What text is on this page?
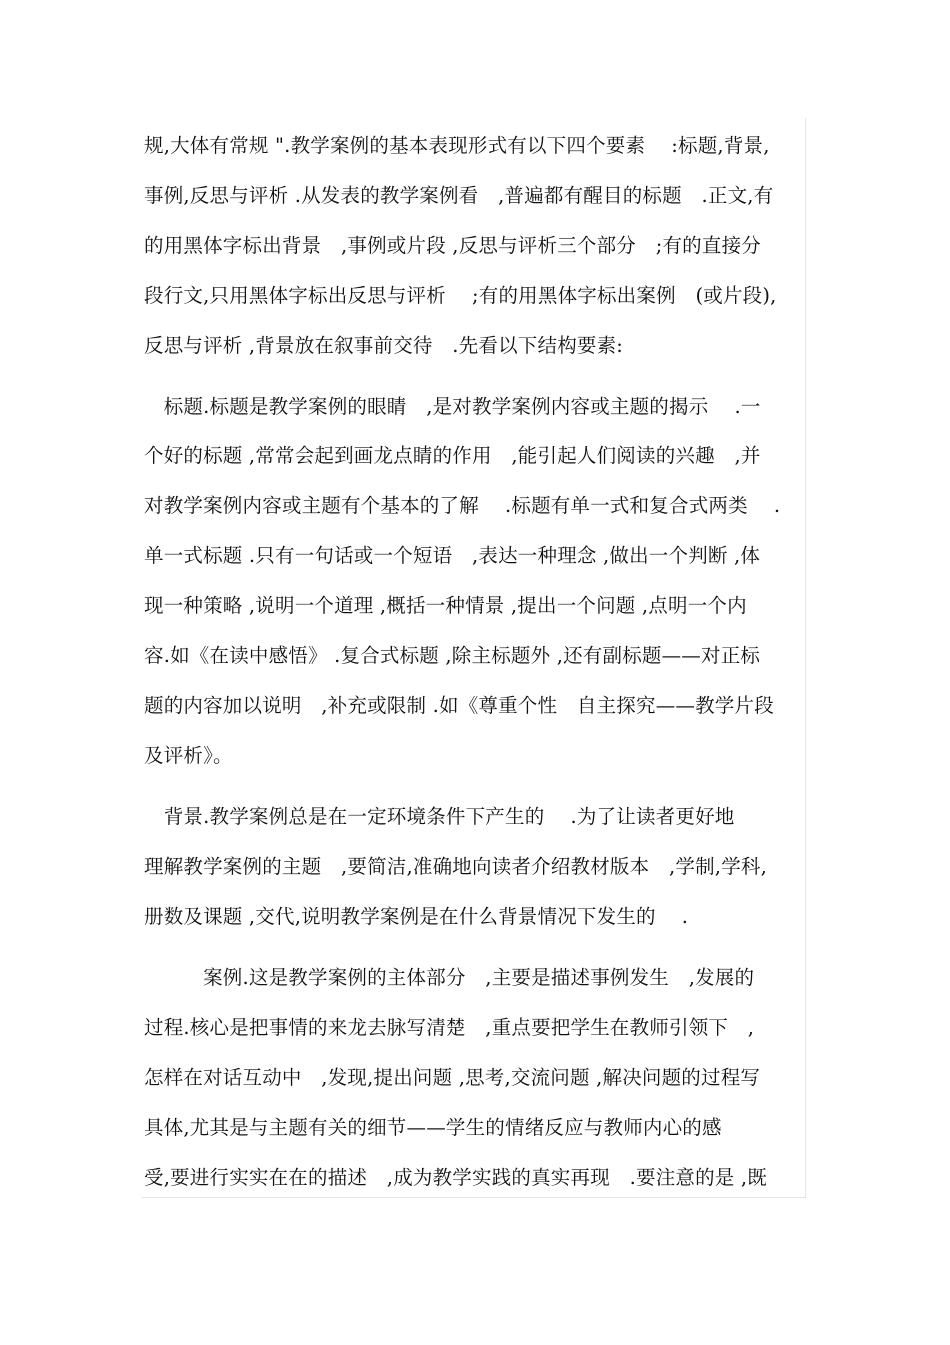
规,大体有常规 ".教学案例的基本表现形式有以下四个要素　 :标题,背景,
事例,反思与评析 .从发表的教学案例看　,普遍都有醒目的标题　.正文,有
的用黑体字标出背景　,事例或片段 ,反思与评析三个部分　;有的直接分
段行文,只用黑体字标出反思与评析　 ;有的用黑体字标出案例　(或片段),
反思与评析 ,背景放在叙事前交待　.先看以下结构要素:
　标题.标题是教学案例的眼睛　,是对教学案例内容或主题的揭示　 .一
个好的标题 ,常常会起到画龙点睛的作用　,能引起人们阅读的兴趣　,并
对教学案例内容或主题有个基本的了解　 .标题有单一式和复合式两类　 .
单一式标题 .只有一句话或一个短语　,表达一种理念 ,做出一个判断 ,体
现一种策略 ,说明一个道理 ,概括一种情景 ,提出一个问题 ,点明一个内
容.如《在读中感悟》 .复合式标题 ,除主标题外 ,还有副标题——对正标
题的内容加以说明　,补充或限制 .如《尊重个性　自主探究——教学片段
及评析》。
　背景.教学案例总是在一定环境条件下产生的　 .为了让读者更好地
理解教学案例的主题　,要简洁,准确地向读者介绍教材版本　,学制,学科,
册数及课题 ,交代,说明教学案例是在什么背景情况下发生的　 .
　　　案例.这是教学案例的主体部分　,主要是描述事例发生　,发展的
过程.核心是把事情的来龙去脉写清楚　,重点要把学生在教师引领下　,
怎样在对话互动中　,发现,提出问题 ,思考,交流问题 ,解决问题的过程写
具体,尤其是与主题有关的细节——学生的情绪反应与教师内心的感
受,要进行实实在在的描述　,成为教学实践的真实再现　.要注意的是 ,既
